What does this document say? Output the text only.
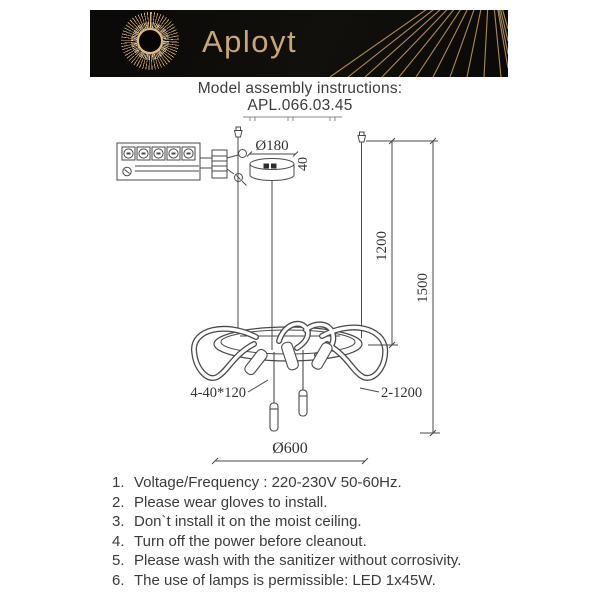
Aployt
Model assembly instructions:
APL.066.03.45
Ø180
40
1200
1500
4-40*120	2-1200
Ø600
1. Voltage/Frequency : 220-230V 50-60Hz.
2. Please wear gloves to install.
3. Don`t install it on the moist ceiling.
4. Turn off the power before cleanout.
5. Please wash with the sanitizer without corrosivity.
6. The use of lamps is permissible: LED 1x45W.
